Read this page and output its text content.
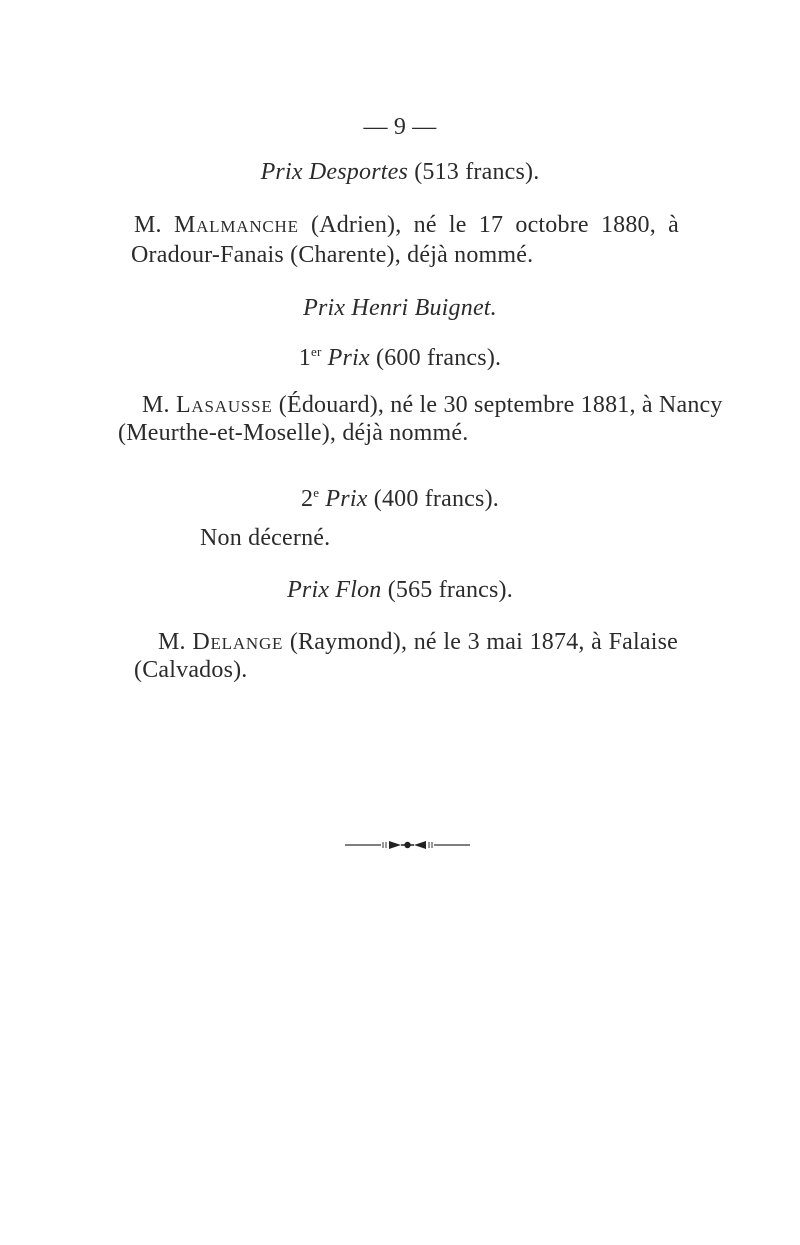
— 9 —
Prix Desportes (513 francs).
M. Malmanche (Adrien), né le 17 octobre 1880, à
Oradour-Fanais (Charente), déjà nommé.
Prix Henri Buignet.
1er Prix (600 francs).
M. Lasausse (Édouard), né le 30 septembre 1881, à Nancy
(Meurthe-et-Moselle), déjà nommé.
2e Prix (400 francs).
Non décerné.
Prix Flon (565 francs).
M. Delange (Raymond), né le 3 mai 1874, à Falaise
(Calvados).
